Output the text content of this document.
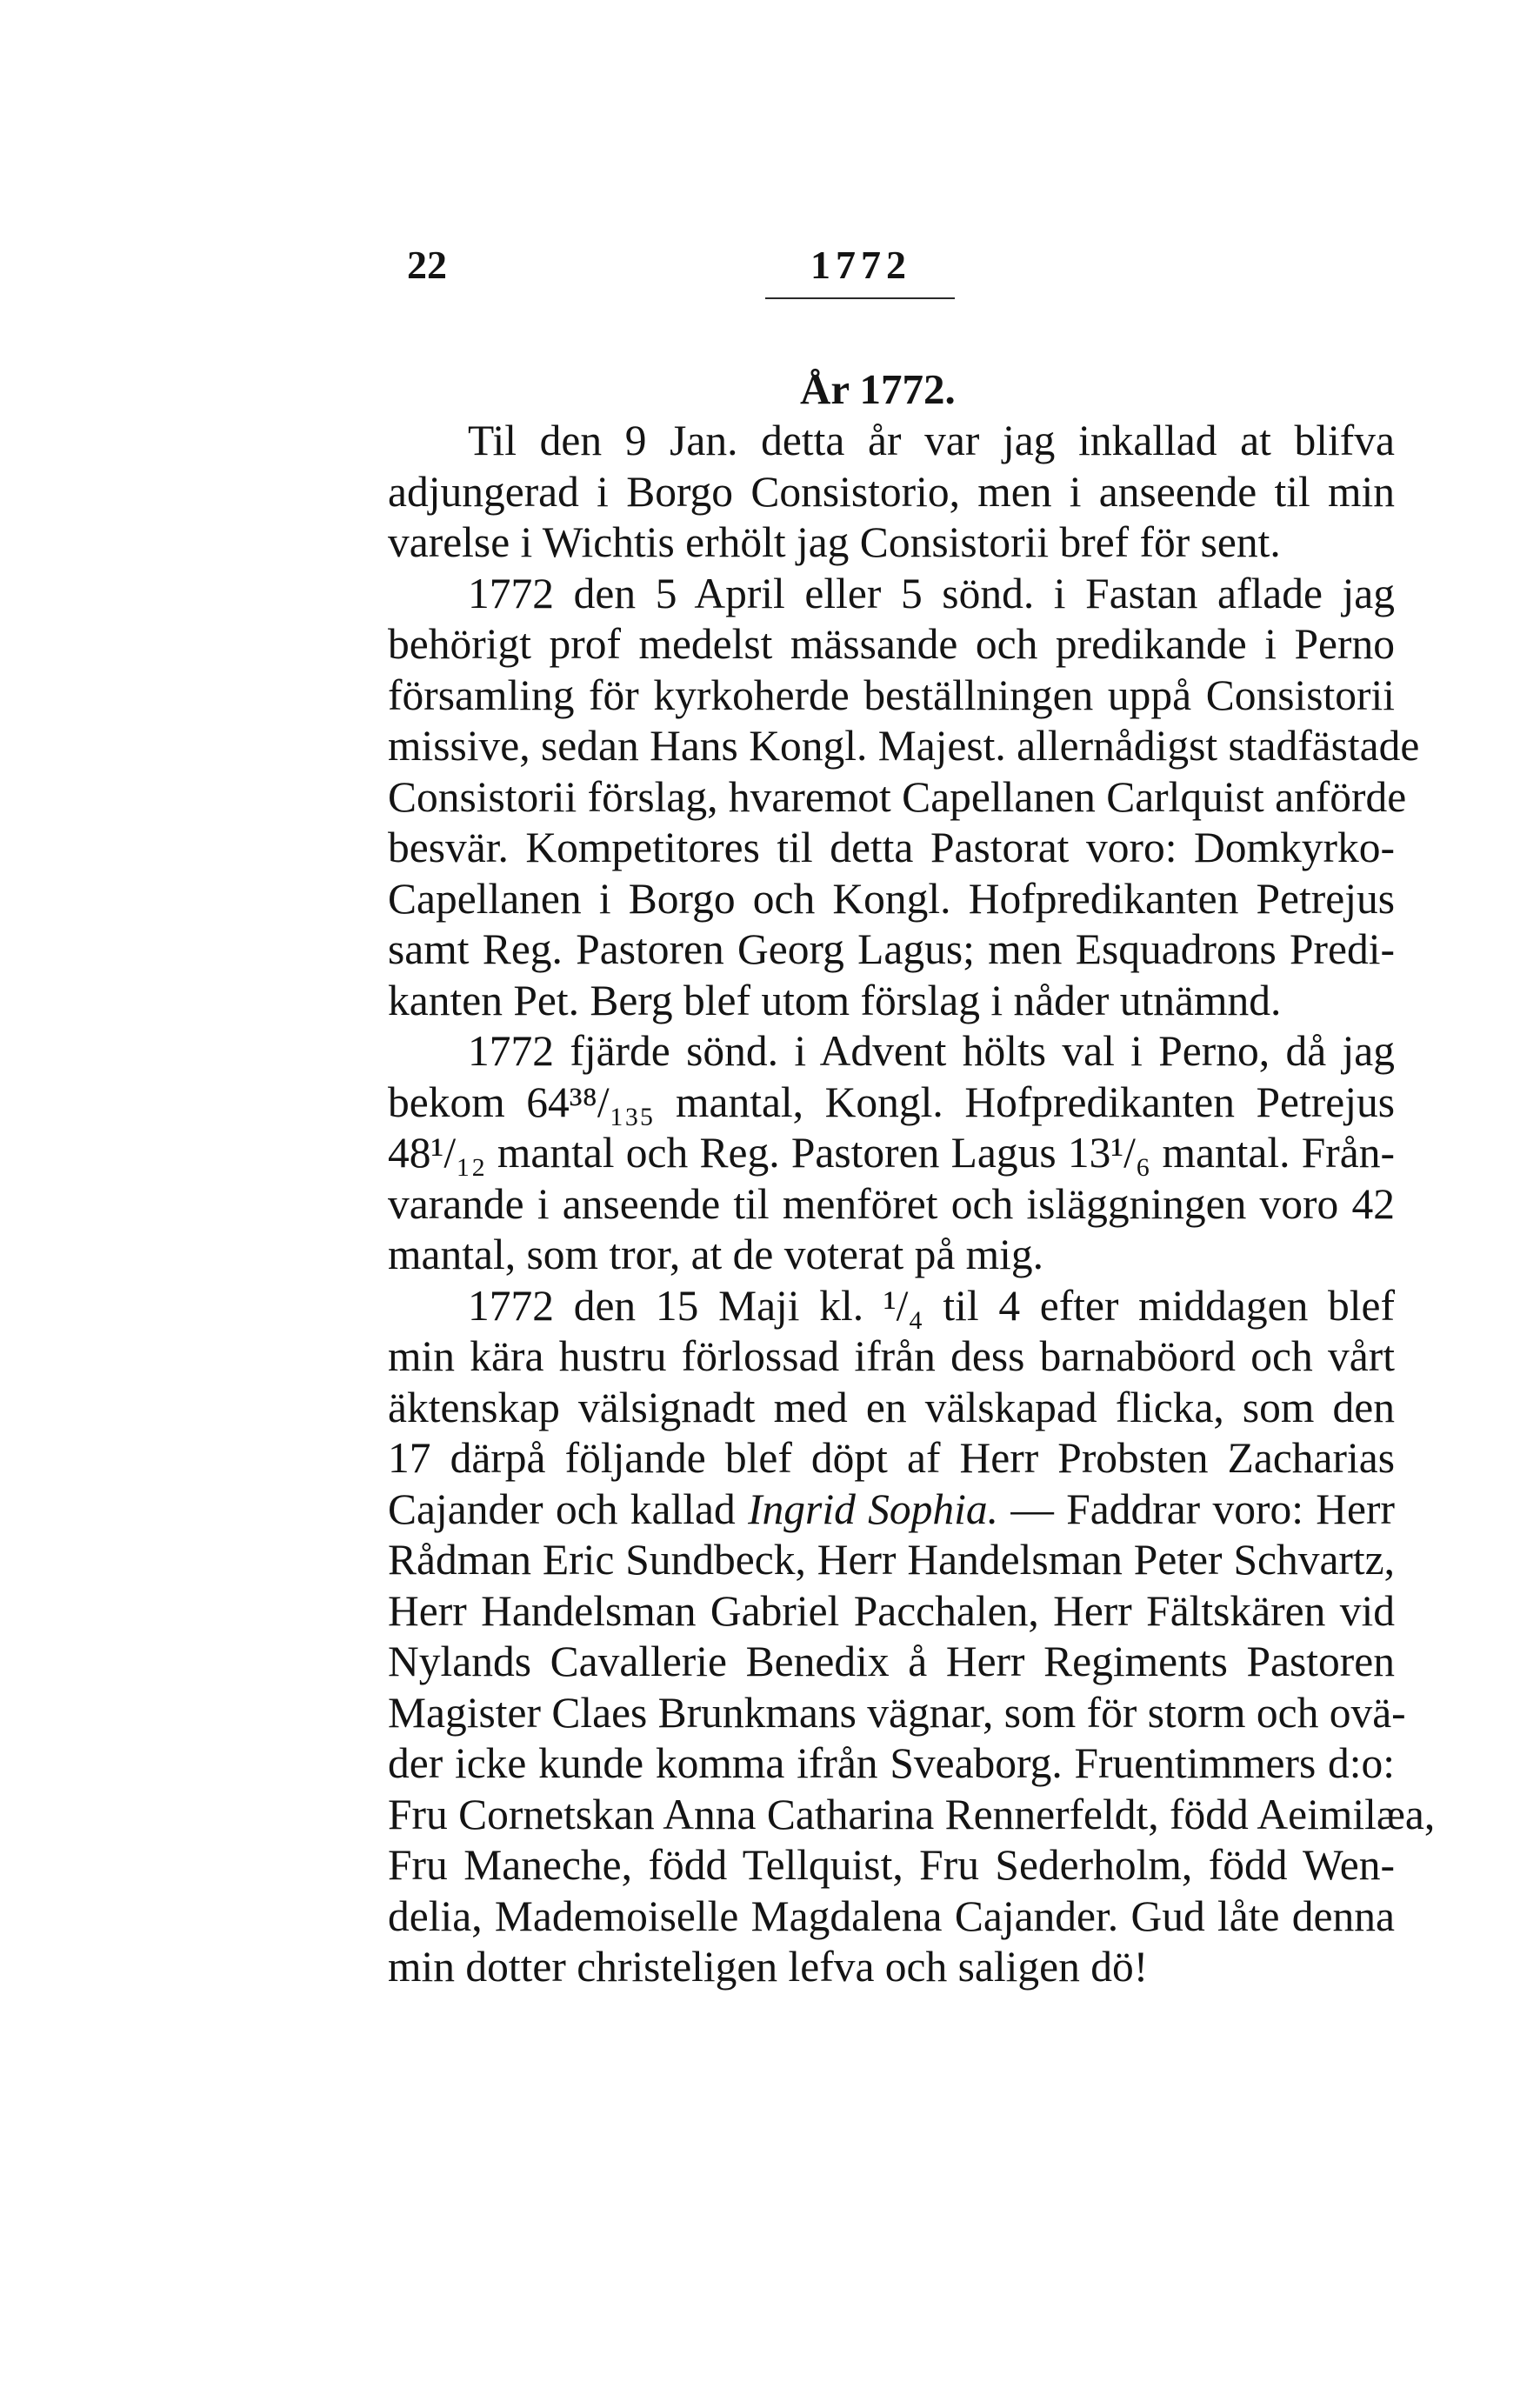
22	1772
År 1772.
Til den 9 Jan. detta år var jag inkallad at blifva
adjungerad i Borgo Consistorio, men i anseende til min
varelse i Wichtis erhölt jag Consistorii bref för sent.
1772 den 5 April eller 5 sönd. i Fastan aflade jag
behörigt prof medelst mässande och predikande i Perno
församling för kyrkoherde beställningen uppå Consistorii
missive, sedan Hans Kongl. Majest. allernådigst stadfästade
Consistorii förslag, hvaremot Capellanen Carlquist anförde
besvär. Kompetitores til detta Pastorat voro: Domkyrko-
Capellanen i Borgo och Kongl. Hofpredikanten Petrejus
samt Reg. Pastoren Georg Lagus; men Esquadrons Predi-
kanten Pet. Berg blef utom förslag i nåder utnämnd.
1772 fjärde sönd. i Advent hölts val i Perno, då jag
bekom 64³⁸/₁₃₅ mantal, Kongl. Hofpredikanten Petrejus
48¹/₁₂ mantal och Reg. Pastoren Lagus 13¹/₆ mantal. Från-
varande i anseende til menföret och isläggningen voro 42
mantal, som tror, at de voterat på mig.
1772 den 15 Maji kl. ¹/₄ til 4 efter middagen blef
min kära hustru förlossad ifrån dess barnaböord och vårt
äktenskap välsignadt med en välskapad flicka, som den
17 därpå följande blef döpt af Herr Probsten Zacharias
Cajander och kallad Ingrid Sophia. — Faddrar voro: Herr
Rådman Eric Sundbeck, Herr Handelsman Peter Schvartz,
Herr Handelsman Gabriel Pacchalen, Herr Fältskären vid
Nylands Cavallerie Benedix å Herr Regiments Pastoren
Magister Claes Brunkmans vägnar, som för storm och ovä-
der icke kunde komma ifrån Sveaborg. Fruentimmers d:o:
Fru Cornetskan Anna Catharina Rennerfeldt, född Aeimilæa,
Fru Maneche, född Tellquist, Fru Sederholm, född Wen-
delia, Mademoiselle Magdalena Cajander. Gud låte denna
min dotter christeligen lefva och saligen dö!
